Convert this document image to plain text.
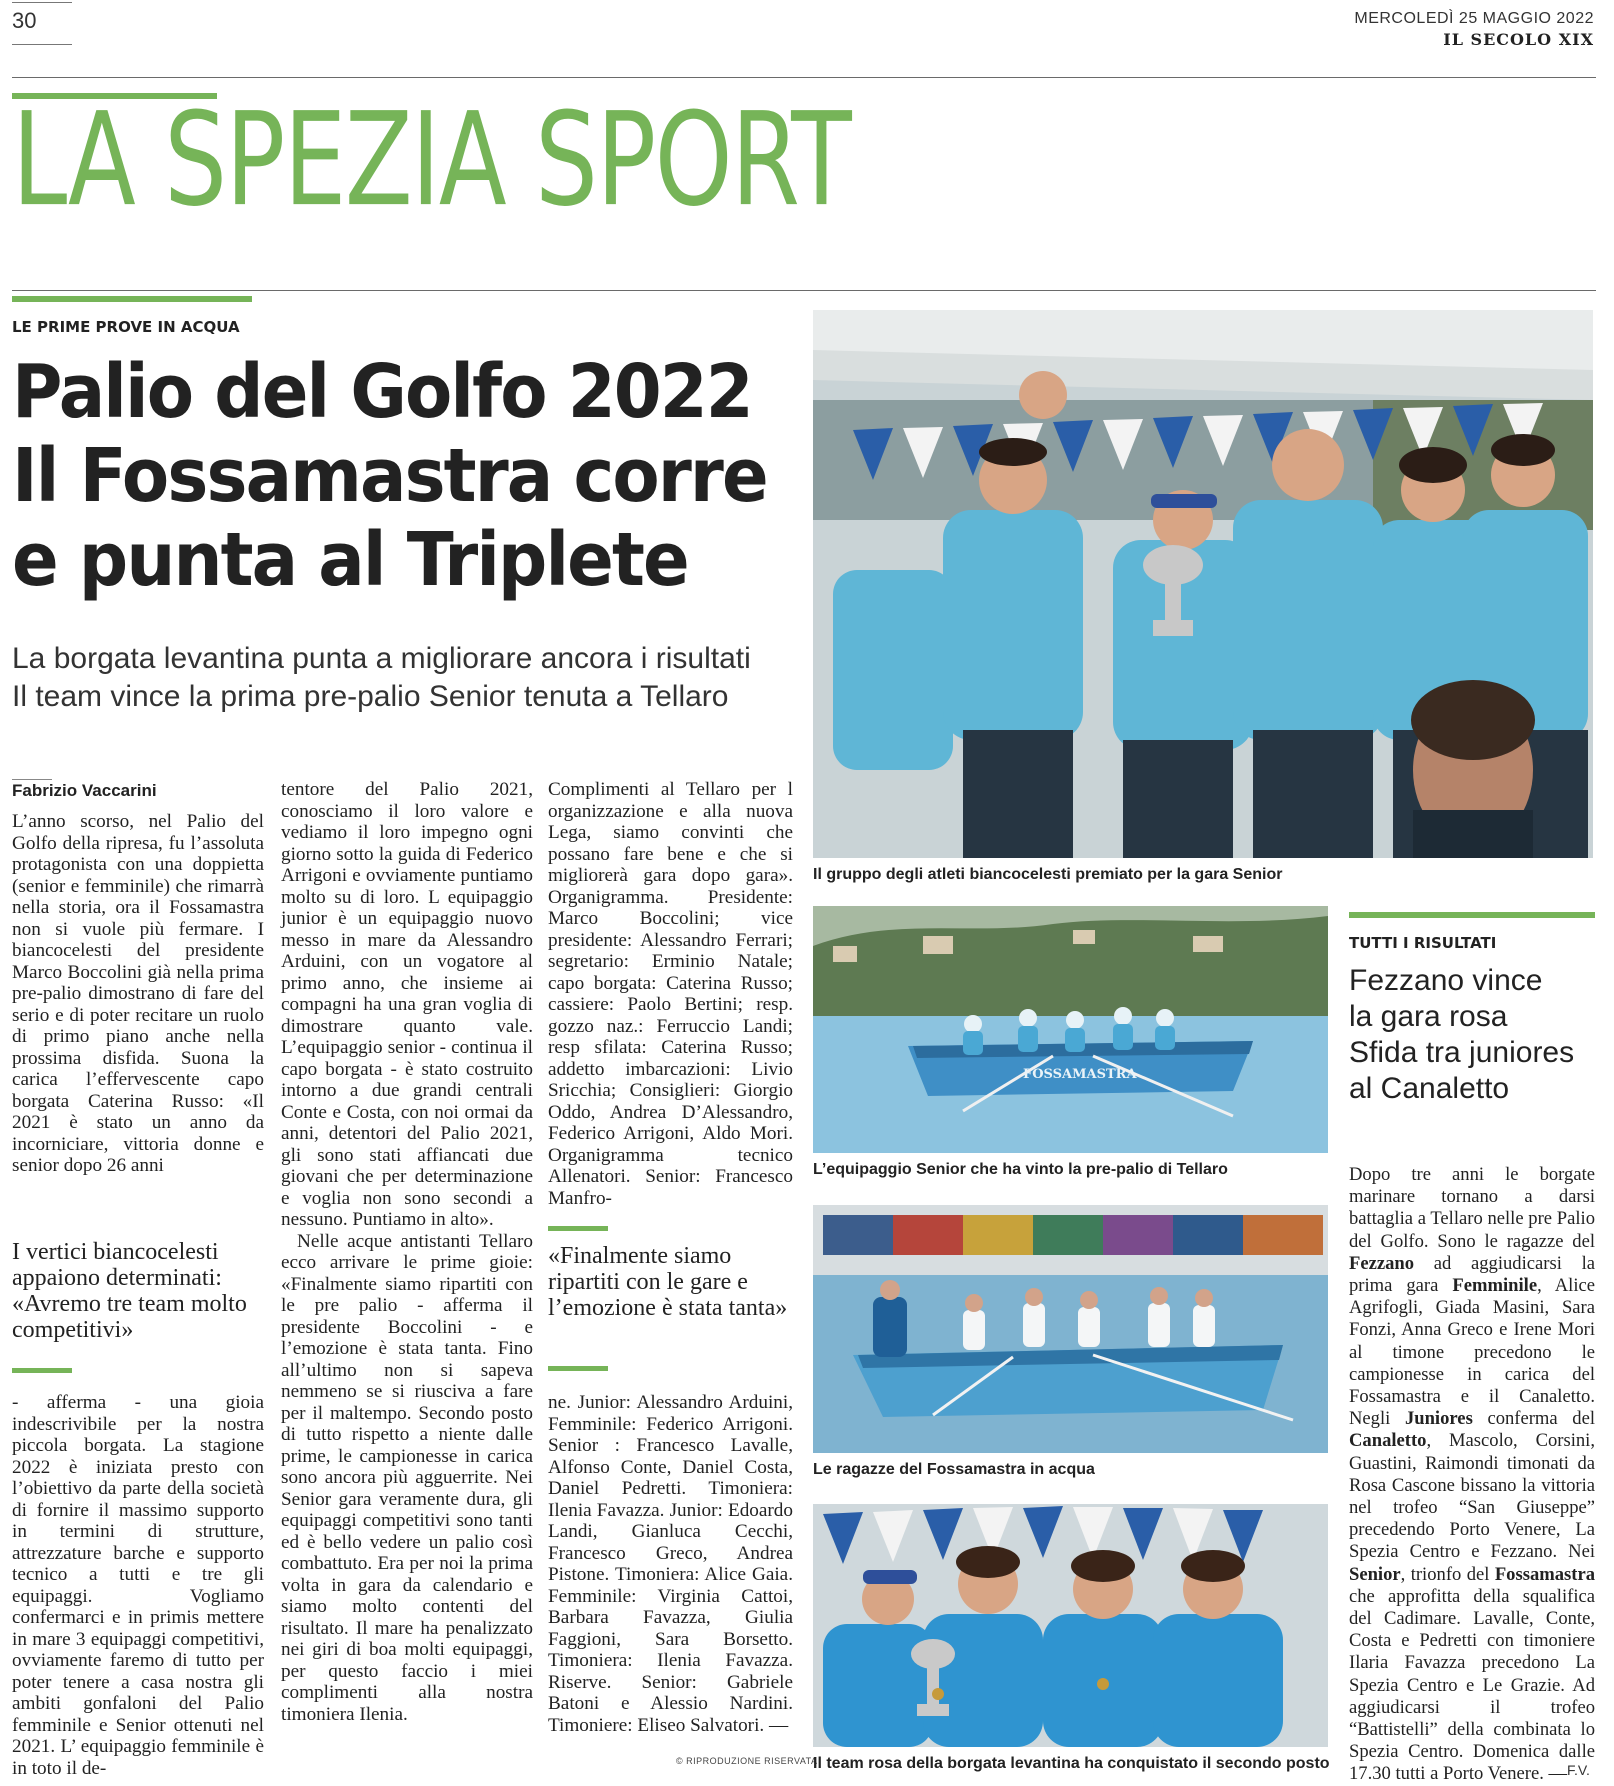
30	MERCOLEDÌ 25 MAGGIO 2022
IL SECOLO XIX
LA SPEZIA SPORT
LE PRIME PROVE IN ACQUA
Palio del Golfo 2022
Il Fossamastra corre
e punta al Triplete
La borgata levantina punta a migliorare ancora i risultati
Il team vince la prima pre-palio Senior tenuta a Tellaro
Fabrizio Vaccarini

L’anno scorso, nel Palio del Golfo della ripresa, fu l’assoluta protagonista con una doppietta (senior e femminile) che rimarrà nella storia, ora il Fossamastra non si vuole più fermare. I biancocelesti del presidente Marco Boccolini già nella prima pre-palio dimostrano di fare del serio e di poter recitare un ruolo di primo piano anche nella prossima disfida. Suona la carica l’effervescente capo borgata Caterina Russo: «Il 2021 è stato un anno da incorniciare, vittoria donne e senior dopo 26 anni

I vertici biancocelesti appaiono determinati: «Avremo tre team molto competitivi»

- afferma - una gioia indescrivibile per la nostra piccola borgata. La stagione 2022 è iniziata presto con l’obiettivo da parte della società di fornire il massimo supporto in termini di strutture, attrezzature barche e supporto tecnico a tutti e tre gli equipaggi. Vogliamo confermarci e in primis mettere in mare 3 equipaggi competitivi, ovviamente faremo di tutto per poter tenere a casa nostra gli ambiti gonfaloni del Palio femminile e Senior ottenuti nel 2021. L’ equipaggio femminile è in toto il de-

tentore del Palio 2021, conosciamo il loro valore e vediamo il loro impegno ogni giorno sotto la guida di Federico Arrigoni e ovviamente puntiamo molto su di loro. L equipaggio junior è un equipaggio nuovo messo in mare da Alessandro Arduini, con un vogatore al primo anno, che insieme ai compagni ha una gran voglia di dimostrare quanto vale. L’equipaggio senior - continua il capo borgata - è stato costruito intorno a due grandi centrali Conte e Costa, con noi ormai da anni, detentori del Palio 2021, gli sono stati affiancati due giovani che per determinazione e voglia non sono secondi a nessuno. Puntiamo in alto».

Nelle acque antistanti Tellaro ecco arrivare le prime gioie: «Finalmente siamo ripartiti con le pre palio - afferma il presidente Boccolini - e l’emozione è stata tanta. Fino all’ultimo non si sapeva nemmeno se si riusciva a fare per il maltempo. Secondo posto di tutto rispetto a niente dalle prime, le campionesse in carica sono ancora più agguerrite. Nei Senior gara veramente dura, gli equipaggi competitivi sono tanti ed è bello vedere un palio così combattuto. Era per noi la prima volta in gara da calendario e siamo molto contenti del risultato. Il mare ha penalizzato nei giri di boa molti equipaggi, per questo faccio i miei complimenti alla nostra timoniera Ilenia.

Complimenti al Tellaro per l organizzazione e alla nuova Lega, siamo convinti che possano fare bene e che si migliorerà gara dopo gara». Organigramma. Presidente: Marco Boccolini; vice presidente: Alessandro Ferrari; segretario: Erminio Natale; capo borgata: Caterina Russo; cassiere: Paolo Bertini; resp. gozzo naz.: Ferruccio Landi; resp sfilata: Caterina Russo; addetto imbarcazioni: Livio Sricchia; Consiglieri: Giorgio Oddo, Andrea D’Alessandro, Federico Arrigoni, Aldo Mori. Organigramma tecnico Allenatori. Senior: Francesco Manfro-

«Finalmente siamo ripartiti con le gare e l’emozione è stata tanta»

ne. Junior: Alessandro Arduini, Femminile: Federico Arrigoni. Senior : Francesco Lavalle, Alfonso Conte, Daniel Costa, Daniel Pedretti. Timoniera: Ilenia Favazza. Junior: Edoardo Landi, Gianluca Cecchi, Francesco Greco, Andrea Pistone. Timoniera: Alice Gaia. Femminile: Virginia Cattoi, Barbara Favazza, Giulia Faggioni, Sara Borsetto. Timoniera: Ilenia Favazza. Riserve. Senior: Gabriele Batoni e Alessio Nardini. Timoniere: Eliseo Salvatori. —

© RIPRODUZIONE RISERVATA
Il gruppo degli atleti biancocelesti premiato per la gara Senior
FOSSAMASTRA
L’equipaggio Senior che ha vinto la pre-palio di Tellaro
Le ragazze del Fossamastra in acqua
Il team rosa della borgata levantina ha conquistato il secondo posto
TUTTI I RISULTATI
Fezzano vince
la gara rosa
Sfida tra juniores
al Canaletto
Dopo tre anni le borgate marinare tornano a darsi battaglia a Tellaro nelle pre Palio del Golfo. Sono le ragazze del Fezzano ad aggiudicarsi la prima gara Femminile, Alice Agrifogli, Giada Masini, Sara Fonzi, Anna Greco e Irene Mori al timone precedono le campionesse in carica del Fossamastra e il Canaletto. Negli Juniores conferma del Canaletto, Mascolo, Corsini, Guastini, Raimondi timonati da Rosa Cascone bissano la vittoria nel trofeo “San Giuseppe” precedendo Porto Venere, La Spezia Centro e Fezzano. Nei Senior, trionfo del Fossamastra che approfitta della squalifica del Cadimare. Lavalle, Conte, Costa e Pedretti con timoniere Ilaria Favazza precedono La Spezia Centro e Le Grazie. Ad aggiudicarsi il trofeo “Battistelli” della combinata lo Spezia Centro. Domenica dalle 17.30 tutti a Porto Venere. — F.V.
